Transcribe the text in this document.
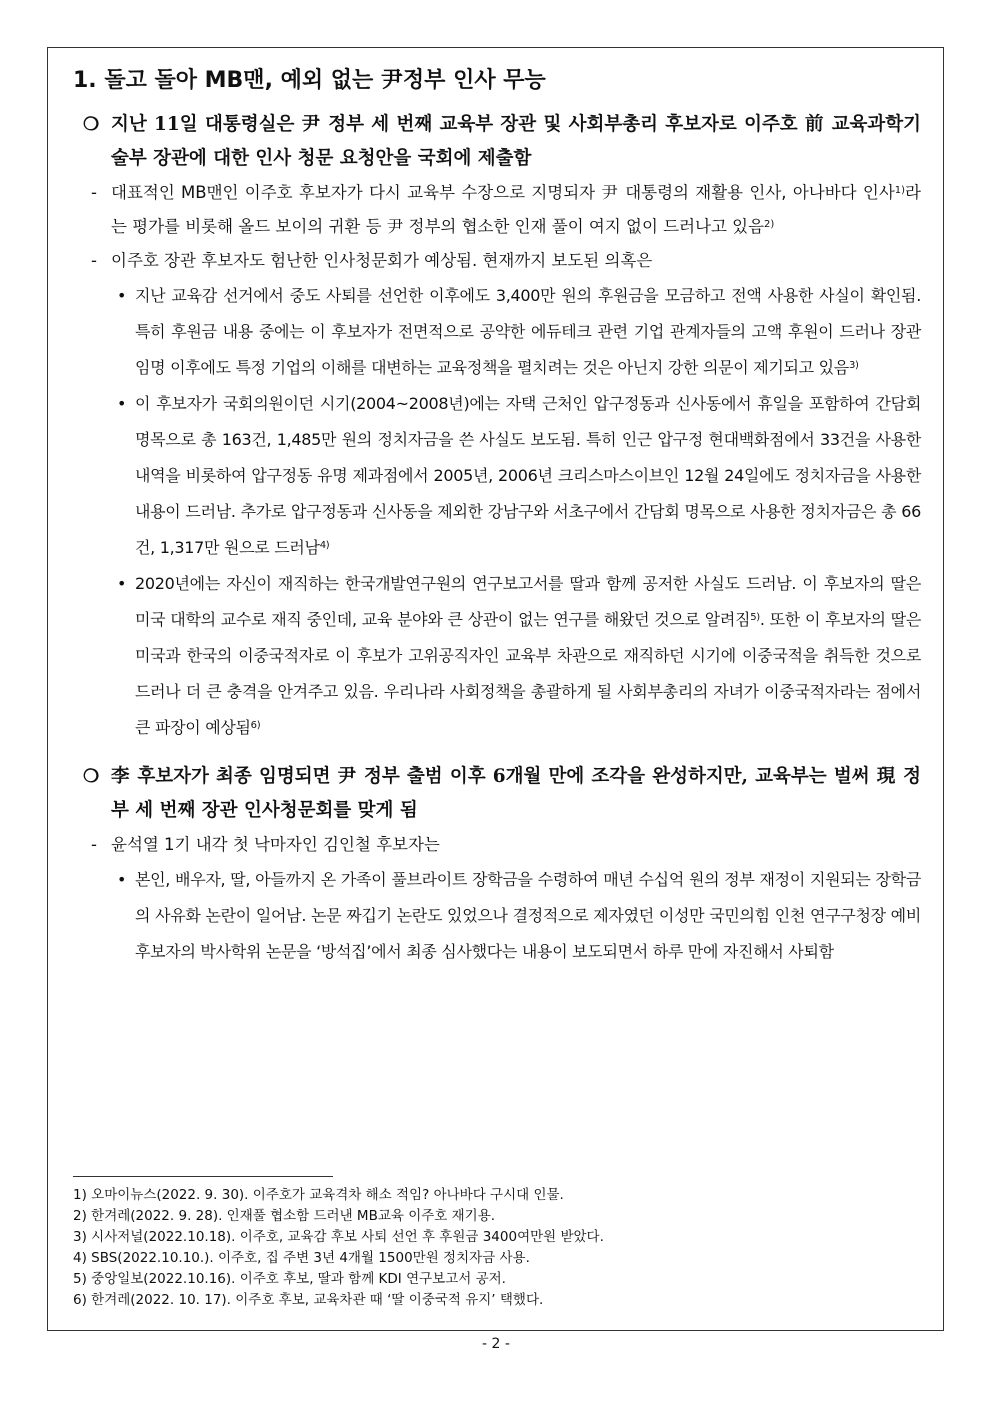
1. 돌고 돌아 MB맨, 예외 없는 尹정부 인사 무능
❍ 지난 11일 대통령실은 尹 정부 세 번째 교육부 장관 및 사회부총리 후보자로 이주호 前 교육과학기술부 장관에 대한 인사 청문 요청안을 국회에 제출함
- 대표적인 MB맨인 이주호 후보자가 다시 교육부 수장으로 지명되자 尹 대통령의 재활용 인사, 아나바다 인사$^{1)}$라는 평가를 비롯해 올드 보이의 귀환 등 尹 정부의 협소한 인재 풀이 여지 없이 드러나고 있음$^{2)}$
- 이주호 장관 후보자도 험난한 인사청문회가 예상됨. 현재까지 보도된 의혹은
• 지난 교육감 선거에서 중도 사퇴를 선언한 이후에도 3,400만 원의 후원금을 모금하고 전액 사용한 사실이 확인됨. 특히 후원금 내용 중에는 이 후보자가 전면적으로 공약한 에듀테크 관련 기업 관계자들의 고액 후원이 드러나 장관 임명 이후에도 특정 기업의 이해를 대변하는 교육정책을 펼치려는 것은 아닌지 강한 의문이 제기되고 있음$^{3)}$
• 이 후보자가 국회의원이던 시기(2004~2008년)에는 자택 근처인 압구정동과 신사동에서 휴일을 포함하여 간담회 명목으로 총 163건, 1,485만 원의 정치자금을 쓴 사실도 보도됨. 특히 인근 압구정 현대백화점에서 33건을 사용한 내역을 비롯하여 압구정동 유명 제과점에서 2005년, 2006년 크리스마스이브인 12월 24일에도 정치자금을 사용한 내용이 드러남. 추가로 압구정동과 신사동을 제외한 강남구와 서초구에서 간담회 명목으로 사용한 정치자금은 총 66건, 1,317만 원으로 드러남$^{4)}$
• 2020년에는 자신이 재직하는 한국개발연구원의 연구보고서를 딸과 함께 공저한 사실도 드러남. 이 후보자의 딸은 미국 대학의 교수로 재직 중인데, 교육 분야와 큰 상관이 없는 연구를 해왔던 것으로 알려짐$^{5)}$. 또한 이 후보자의 딸은 미국과 한국의 이중국적자로 이 후보가 고위공직자인 교육부 차관으로 재직하던 시기에 이중국적을 취득한 것으로 드러나 더 큰 충격을 안겨주고 있음. 우리나라 사회정책을 총괄하게 될 사회부총리의 자녀가 이중국적자라는 점에서 큰 파장이 예상됨$^{6)}$
❍ 李 후보자가 최종 임명되면 尹 정부 출범 이후 6개월 만에 조각을 완성하지만, 교육부는 벌써 現 정부 세 번째 장관 인사청문회를 맞게 됨
- 윤석열 1기 내각 첫 낙마자인 김인철 후보자는
• 본인, 배우자, 딸, 아들까지 온 가족이 풀브라이트 장학금을 수령하여 매년 수십억 원의 정부 재정이 지원되는 장학금의 사유화 논란이 일어남. 논문 짜깁기 논란도 있었으나 결정적으로 제자였던 이성만 국민의힘 인천 연구구청장 예비후보자의 박사학위 논문을 ‘방석집’에서 최종 심사했다는 내용이 보도되면서 하루 만에 자진해서 사퇴함
1) 오마이뉴스(2022. 9. 30). 이주호가 교육격차 해소 적임? 아나바다 구시대 인물.
2) 한겨레(2022. 9. 28). 인재풀 협소함 드러낸 MB교육 이주호 재기용.
3) 시사저널(2022.10.18). 이주호, 교육감 후보 사퇴 선언 후 후원금 3400여만원 받았다.
4) SBS(2022.10.10.). 이주호, 집 주변 3년 4개월 1500만원 정치자금 사용.
5) 중앙일보(2022.10.16). 이주호 후보, 딸과 함께 KDI 연구보고서 공저.
6) 한겨레(2022. 10. 17). 이주호 후보, 교육차관 때 ‘딸 이중국적 유지’ 택했다.
- 2 -
